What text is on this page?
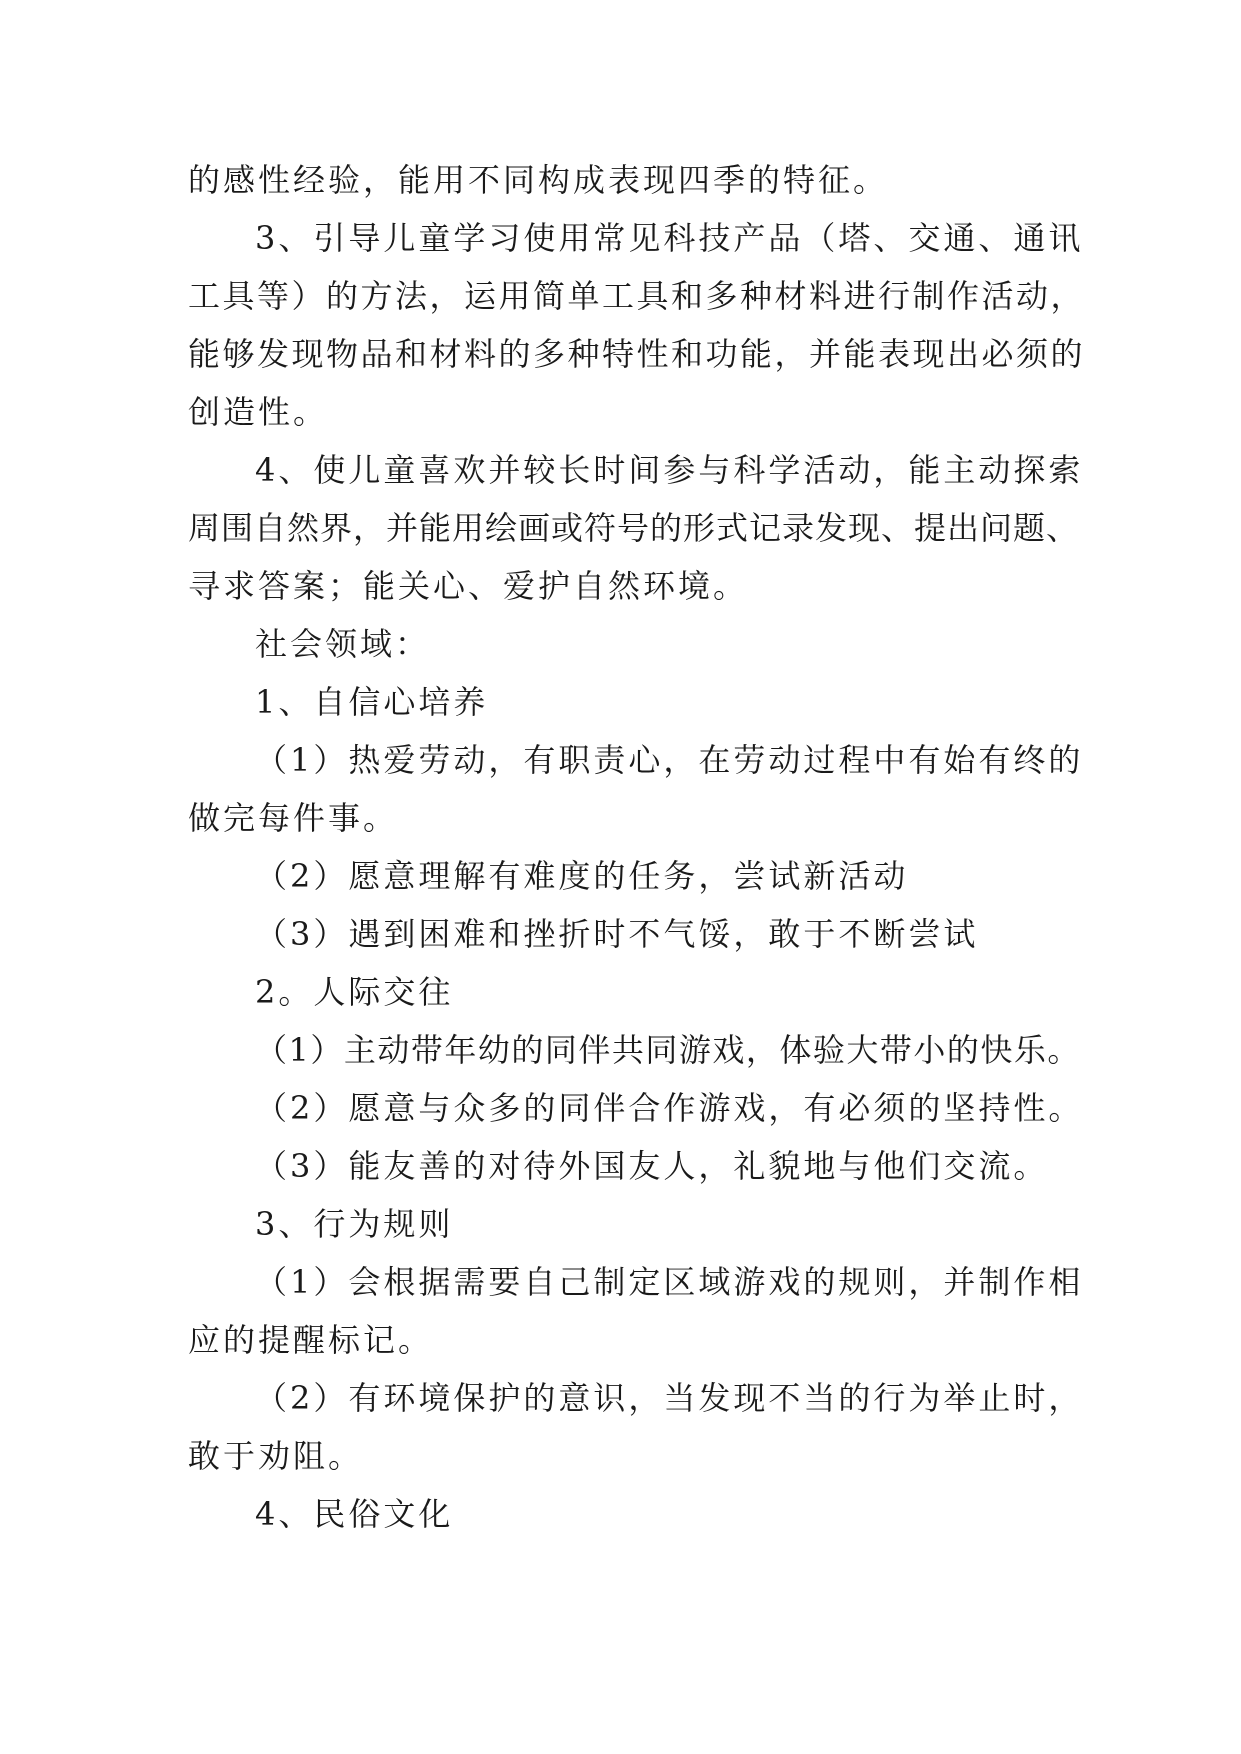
的感性经验，能用不同构成表现四季的特征。
3、引导儿童学习使用常见科技产品（塔、交通、通讯
工具等）的方法，运用简单工具和多种材料进行制作活动，
能够发现物品和材料的多种特性和功能，并能表现出必须的
创造性。
4、使儿童喜欢并较长时间参与科学活动，能主动探索
周围自然界，并能用绘画或符号的形式记录发现、提出问题、
寻求答案；能关心、爱护自然环境。
社会领域：
1、自信心培养
（1）热爱劳动，有职责心，在劳动过程中有始有终的
做完每件事。
（2）愿意理解有难度的任务，尝试新活动
（3）遇到困难和挫折时不气馁，敢于不断尝试
2。人际交往
（1）主动带年幼的同伴共同游戏，体验大带小的快乐。
（2）愿意与众多的同伴合作游戏，有必须的坚持性。
（3）能友善的对待外国友人，礼貌地与他们交流。
3、行为规则
（1）会根据需要自己制定区域游戏的规则，并制作相
应的提醒标记。
（2）有环境保护的意识，当发现不当的行为举止时，
敢于劝阻。
4、民俗文化
